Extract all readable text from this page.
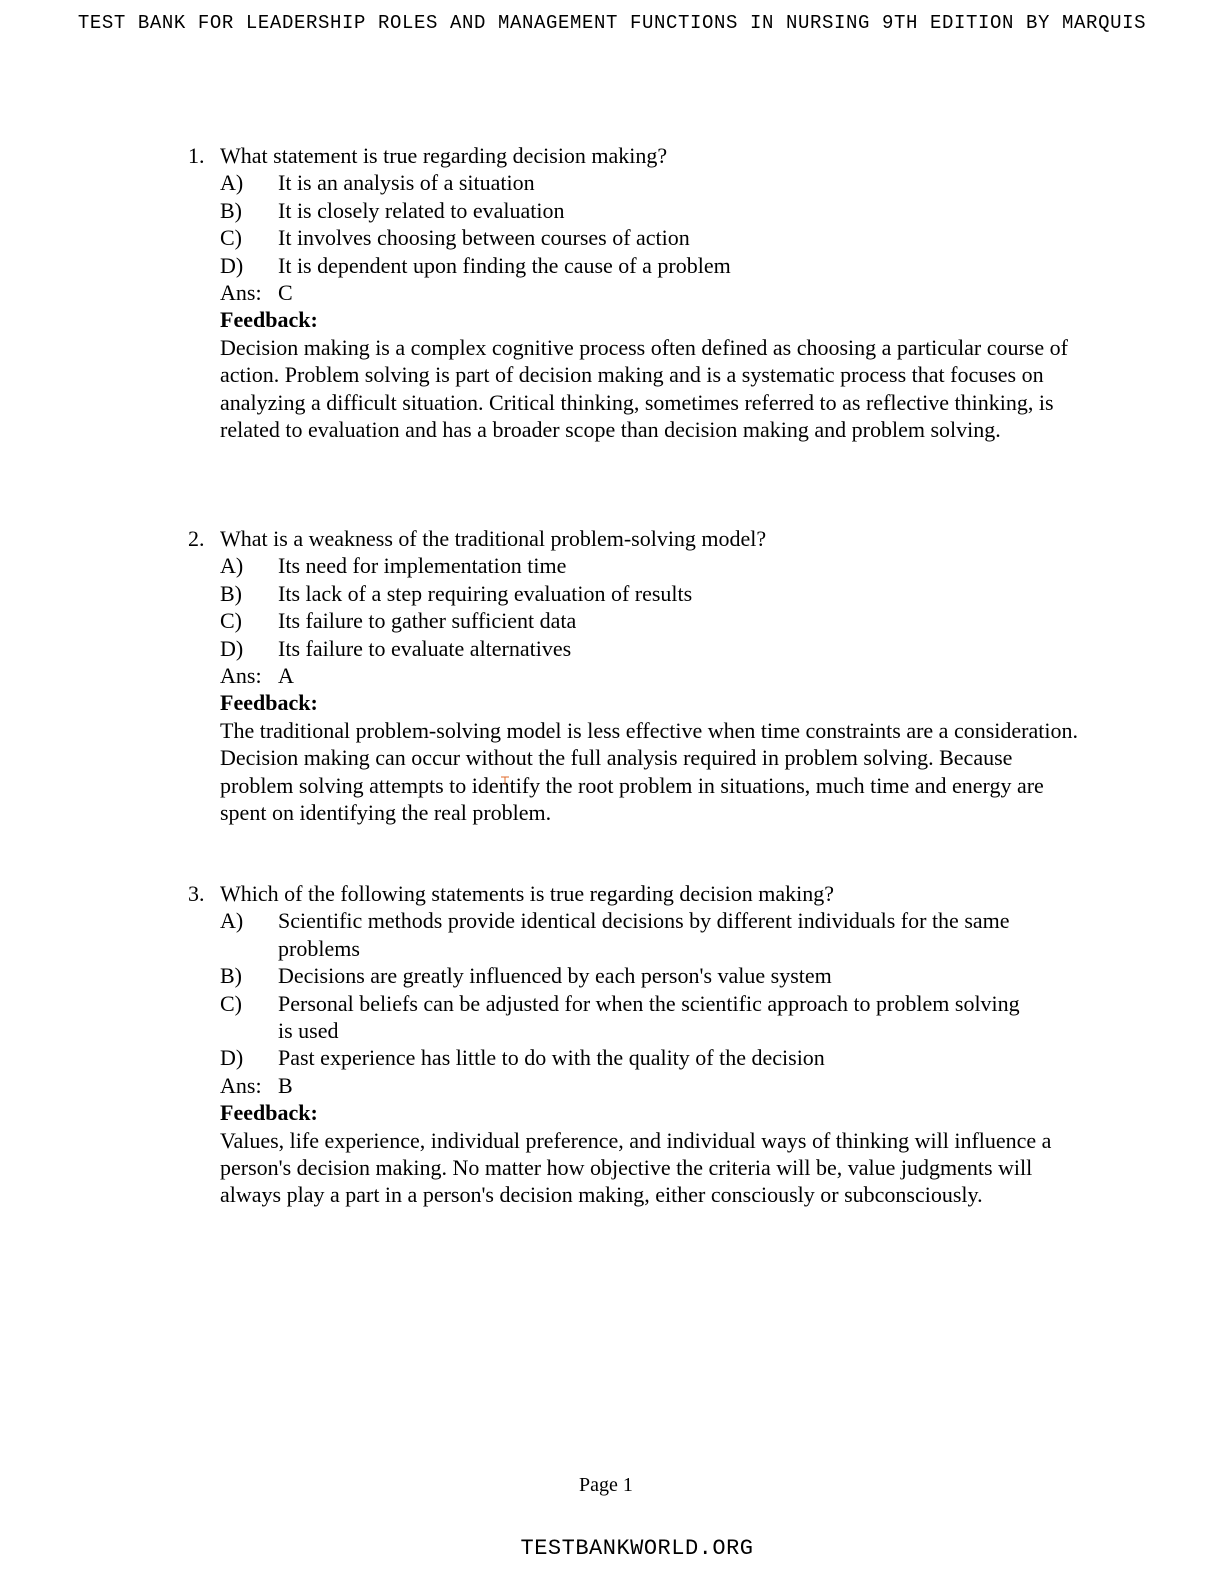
TEST BANK FOR LEADERSHIP ROLES AND MANAGEMENT FUNCTIONS IN NURSING 9TH EDITION BY MARQUIS
1. What statement is true regarding decision making?
A)	It is an analysis of a situation
B)	It is closely related to evaluation
C)	It involves choosing between courses of action
D)	It is dependent upon finding the cause of a problem
Ans: C
Feedback:
Decision making is a complex cognitive process often defined as choosing a particular course of action. Problem solving is part of decision making and is a systematic process that focuses on analyzing a difficult situation. Critical thinking, sometimes referred to as reflective thinking, is related to evaluation and has a broader scope than decision making and problem solving.
2. What is a weakness of the traditional problem-solving model?
A)	Its need for implementation time
B)	Its lack of a step requiring evaluation of results
C)	Its failure to gather sufficient data
D)	Its failure to evaluate alternatives
Ans: A
Feedback:
The traditional problem-solving model is less effective when time constraints are a consideration. Decision making can occur without the full analysis required in problem solving. Because problem solving attempts to identify the root problem in situations, much time and energy are spent on identifying the real problem.
3. Which of the following statements is true regarding decision making?
A)	Scientific methods provide identical decisions by different individuals for the same problems
B)	Decisions are greatly influenced by each person's value system
C)	Personal beliefs can be adjusted for when the scientific approach to problem solving is used
D)	Past experience has little to do with the quality of the decision
Ans: B
Feedback:
Values, life experience, individual preference, and individual ways of thinking will influence a person's decision making. No matter how objective the criteria will be, value judgments will always play a part in a person's decision making, either consciously or subconsciously.
Page 1
TESTBANKWORLD.ORG
